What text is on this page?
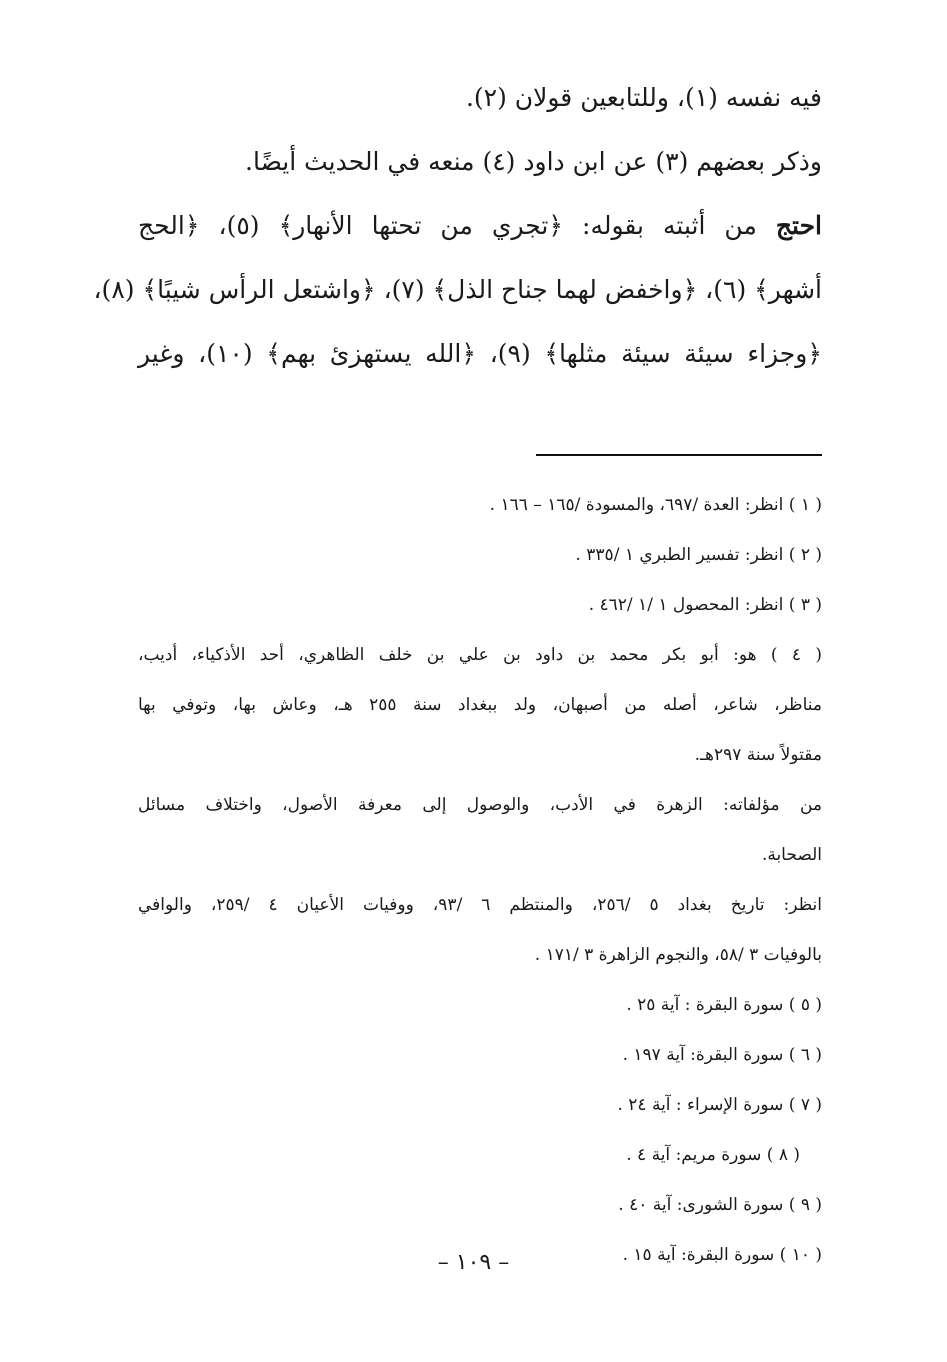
فيه نفسه (١)، وللتابعين قولان (٢).
وذكر بعضهم (٣) عن ابن داود (٤) منعه في الحديث أيضًا.
احتج من أثبته بقوله: ﴿تجري من تحتها الأنهار﴾ (٥)، ﴿الحج
أشهر﴾ (٦)، ﴿واخفض لهما جناح الذل﴾ (٧)، ﴿واشتعل الرأس شيبًا﴾ (٨)،
﴿وجزاء سيئة سيئة مثلها﴾ (٩)، ﴿الله يستهزئ بهم﴾ (١٠)، وغير
( ١ ) انظر: العدة /٦٩٧، والمسودة /١٦٥ – ١٦٦ .
( ٢ ) انظر: تفسير الطبري ١ /٣٣٥ .
( ٣ ) انظر: المحصول ١ /١ /٤٦٢ .
( ٤ ) هو: أبو بكر محمد بن داود بن علي بن خلف الظاهري، أحد الأذكياء، أديب،
مناظر، شاعر، أصله من أصبهان، ولد ببغداد سنة ٢٥٥ هـ، وعاش بها، وتوفي بها
مقتولاً سنة ٢٩٧هـ.
من مؤلفاته: الزهرة في الأدب، والوصول إلى معرفة الأصول، واختلاف مسائل
الصحابة.
انظر: تاريخ بغداد ٥ /٢٥٦، والمنتظم ٦ /٩٣، ووفيات الأعيان ٤ /٢٥٩، والوافي
بالوفيات ٣ /٥٨، والنجوم الزاهرة ٣ /١٧١ .
( ٥ ) سورة البقرة : آية ٢٥ .
( ٦ ) سورة البقرة: آية ١٩٧ .
( ٧ ) سورة الإسراء : آية ٢٤ .
( ٨ ) سورة مريم: آية ٤ .
( ٩ ) سورة الشورى: آية ٤٠ .
( ١٠ ) سورة البقرة: آية ١٥ .
– ١٠٩ –
